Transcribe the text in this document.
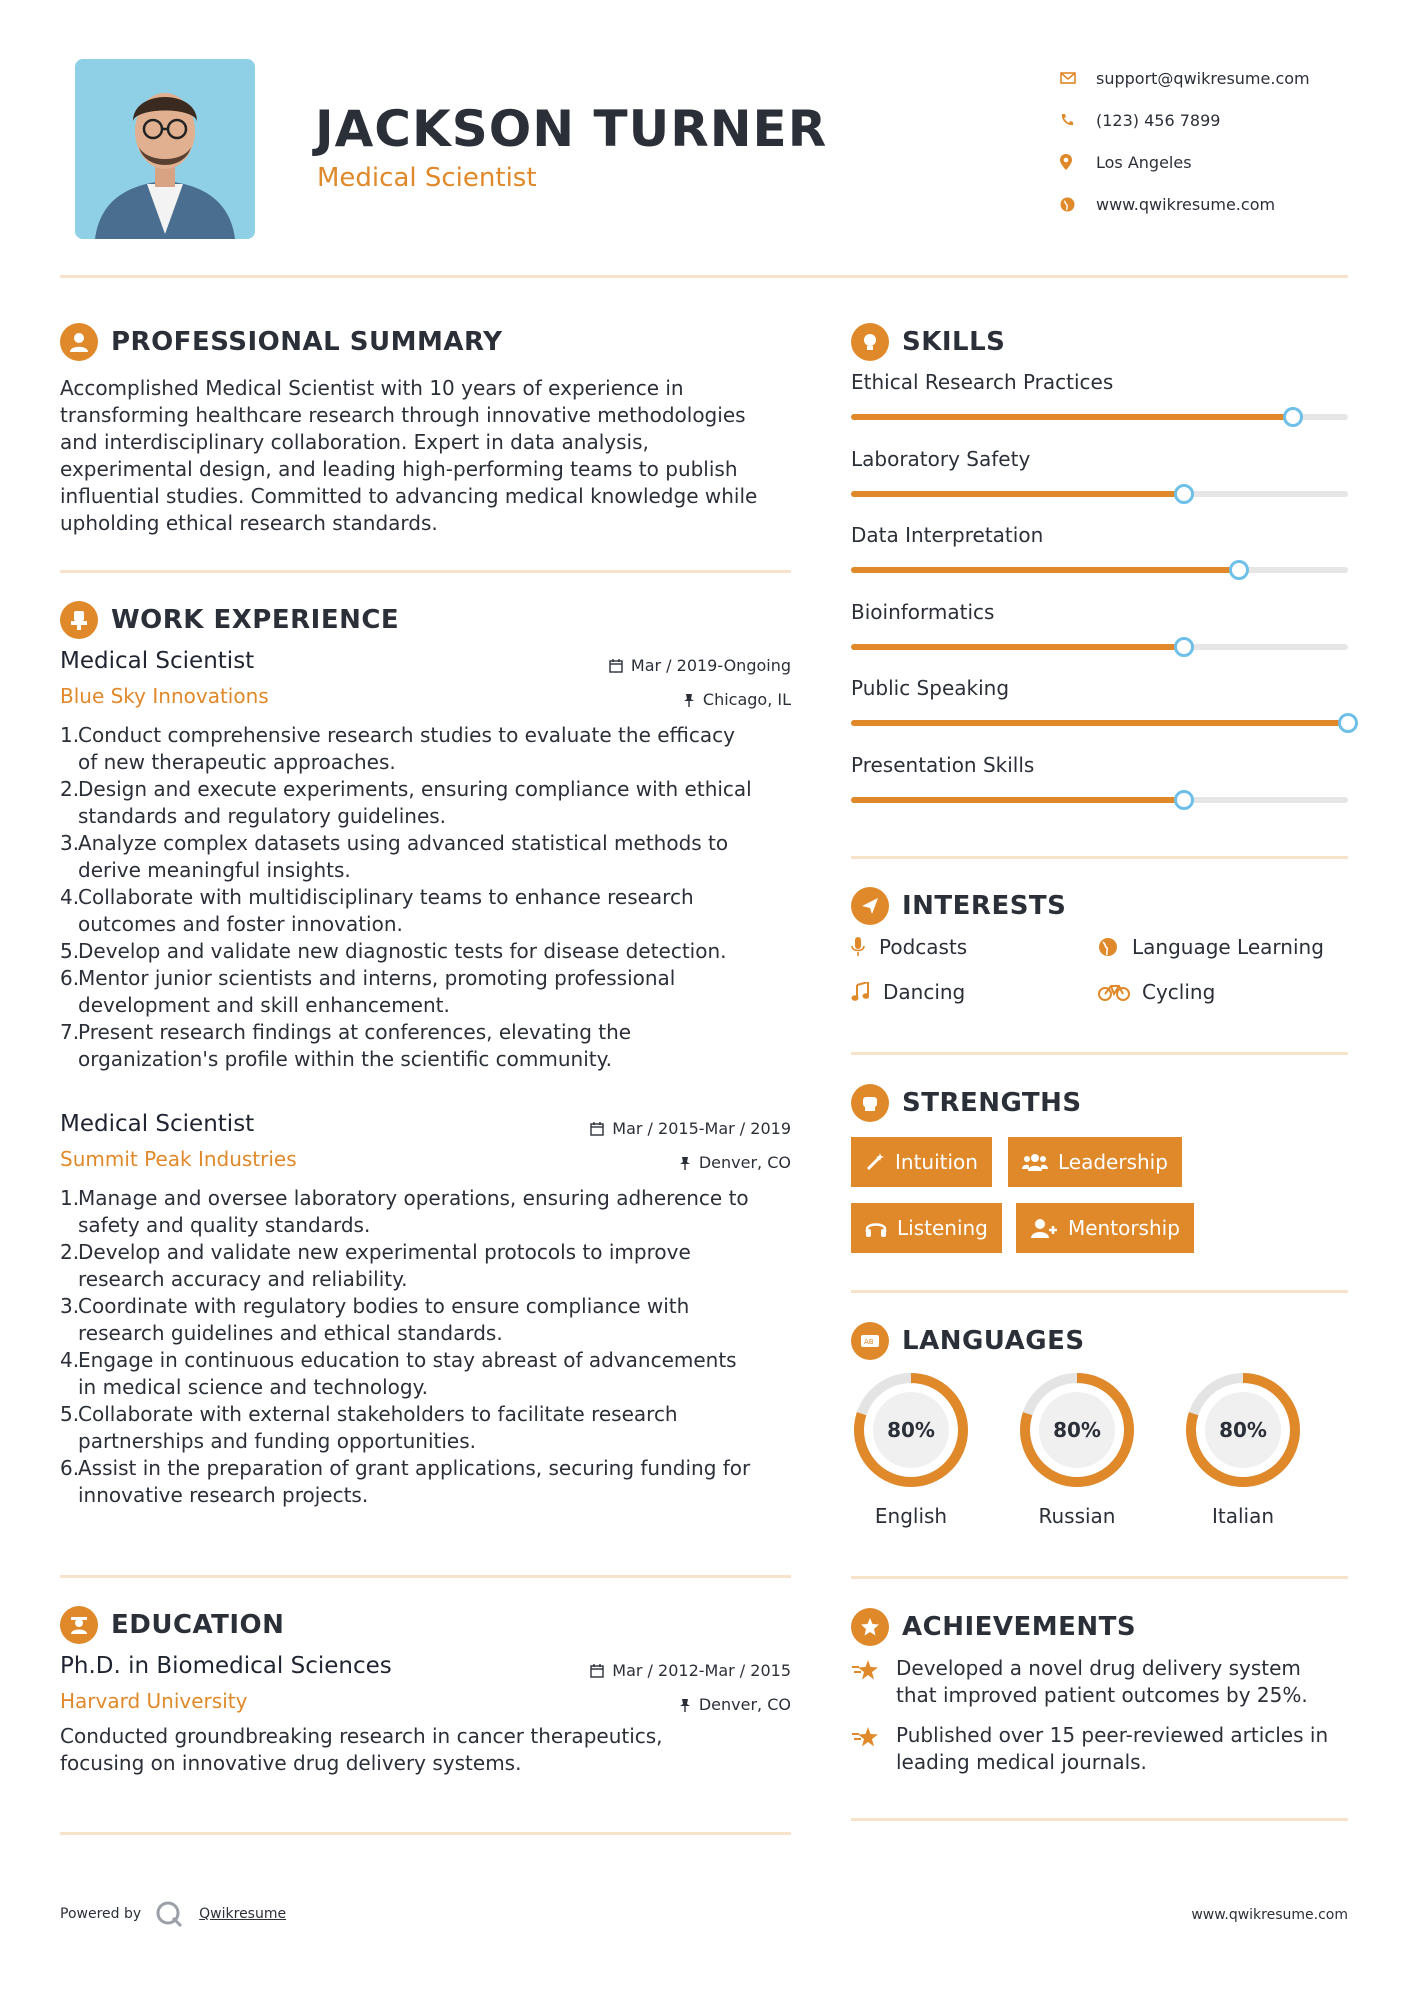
JACKSON TURNER
Medical Scientist
support@qwikresume.com
(123) 456 7899
Los Angeles
www.qwikresume.com
PROFESSIONAL SUMMARY
Accomplished Medical Scientist with 10 years of experience in
transforming healthcare research through innovative methodologies
and interdisciplinary collaboration. Expert in data analysis,
experimental design, and leading high-performing teams to publish
influential studies. Committed to advancing medical knowledge while
upholding ethical research standards.
WORK EXPERIENCE
Medical Scientist	Mar / 2019-Ongoing
Blue Sky Innovations	Chicago, IL
Conduct comprehensive research studies to evaluate the efficacy
of new therapeutic approaches.
Design and execute experiments, ensuring compliance with ethical
standards and regulatory guidelines.
Analyze complex datasets using advanced statistical methods to
derive meaningful insights.
Collaborate with multidisciplinary teams to enhance research
outcomes and foster innovation.
Develop and validate new diagnostic tests for disease detection.
Mentor junior scientists and interns, promoting professional
development and skill enhancement.
Present research findings at conferences, elevating the
organization's profile within the scientific community.
Medical Scientist	Mar / 2015-Mar / 2019
Summit Peak Industries	Denver, CO
Manage and oversee laboratory operations, ensuring adherence to
safety and quality standards.
Develop and validate new experimental protocols to improve
research accuracy and reliability.
Coordinate with regulatory bodies to ensure compliance with
research guidelines and ethical standards.
Engage in continuous education to stay abreast of advancements
in medical science and technology.
Collaborate with external stakeholders to facilitate research
partnerships and funding opportunities.
Assist in the preparation of grant applications, securing funding for
innovative research projects.
EDUCATION
Ph.D. in Biomedical Sciences	Mar / 2012-Mar / 2015
Harvard University	Denver, CO
Conducted groundbreaking research in cancer therapeutics,
focusing on innovative drug delivery systems.
SKILLS
Ethical Research Practices
Laboratory Safety
Data Interpretation
Bioinformatics
Public Speaking
Presentation Skills
INTERESTS
Podcasts	Language Learning
Dancing	Cycling
STRENGTHS
Intuition	Leadership
Listening	Mentorship
AB LANGUAGES
80%
English
80%
Russian
80%
Italian
ACHIEVEMENTS
Developed a novel drug delivery system
that improved patient outcomes by 25%.
Published over 15 peer-reviewed articles in
leading medical journals.
Powered by	Qwikresume	www.qwikresume.com
